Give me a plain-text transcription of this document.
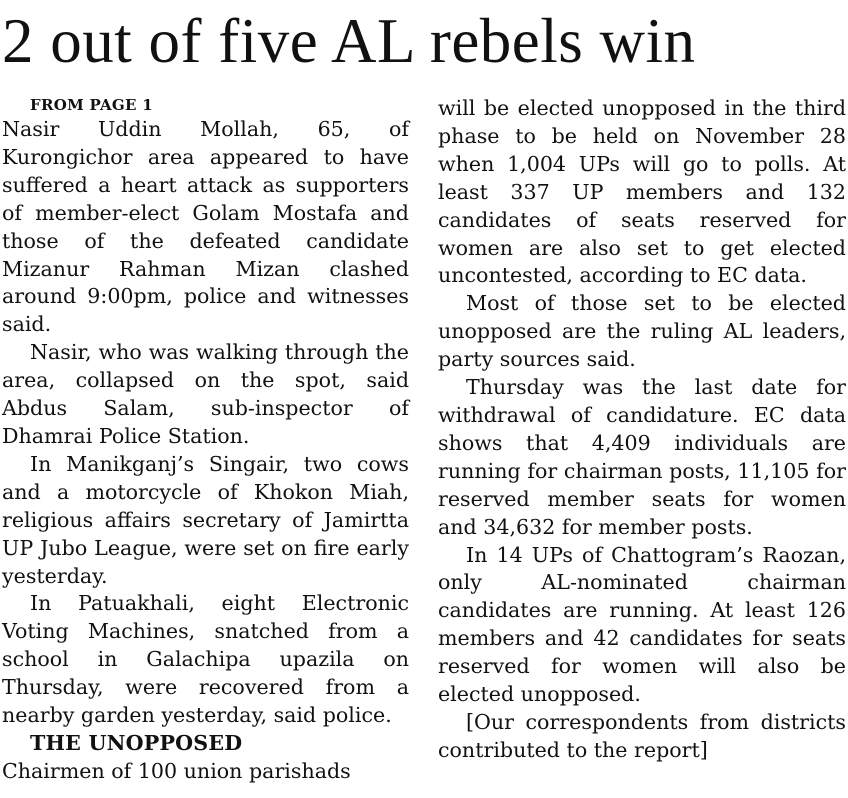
2 out of five AL rebels win

FROM PAGE 1

Nasir Uddin Mollah, 65, of Kurongichor area appeared to have suffered a heart attack as supporters of member-elect Golam Mostafa and those of the defeated candidate Mizanur Rahman Mizan clashed around 9:00pm, police and witnesses said.

Nasir, who was walking through the area, collapsed on the spot, said Abdus Salam, sub-inspector of Dhamrai Police Station.

In Manikganj’s Singair, two cows and a motorcycle of Khokon Miah, religious affairs secretary of Jamirtta UP Jubo League, were set on fire early yesterday.

In Patuakhali, eight Electronic Voting Machines, snatched from a school in Galachipa upazila on Thursday, were recovered from a nearby garden yesterday, said police.

THE UNOPPOSED

Chairmen of 100 union parishads

will be elected unopposed in the third phase to be held on November 28 when 1,004 UPs will go to polls. At least 337 UP members and 132 candidates of seats reserved for women are also set to get elected uncontested, according to EC data.

Most of those set to be elected unopposed are the ruling AL leaders, party sources said.

Thursday was the last date for withdrawal of candidature. EC data shows that 4,409 individuals are running for chairman posts, 11,105 for reserved member seats for women and 34,632 for member posts.

In 14 UPs of Chattogram’s Raozan, only AL-nominated chairman candidates are running. At least 126 members and 42 candidates for seats reserved for women will also be elected unopposed.

[Our correspondents from districts contributed to the report]
